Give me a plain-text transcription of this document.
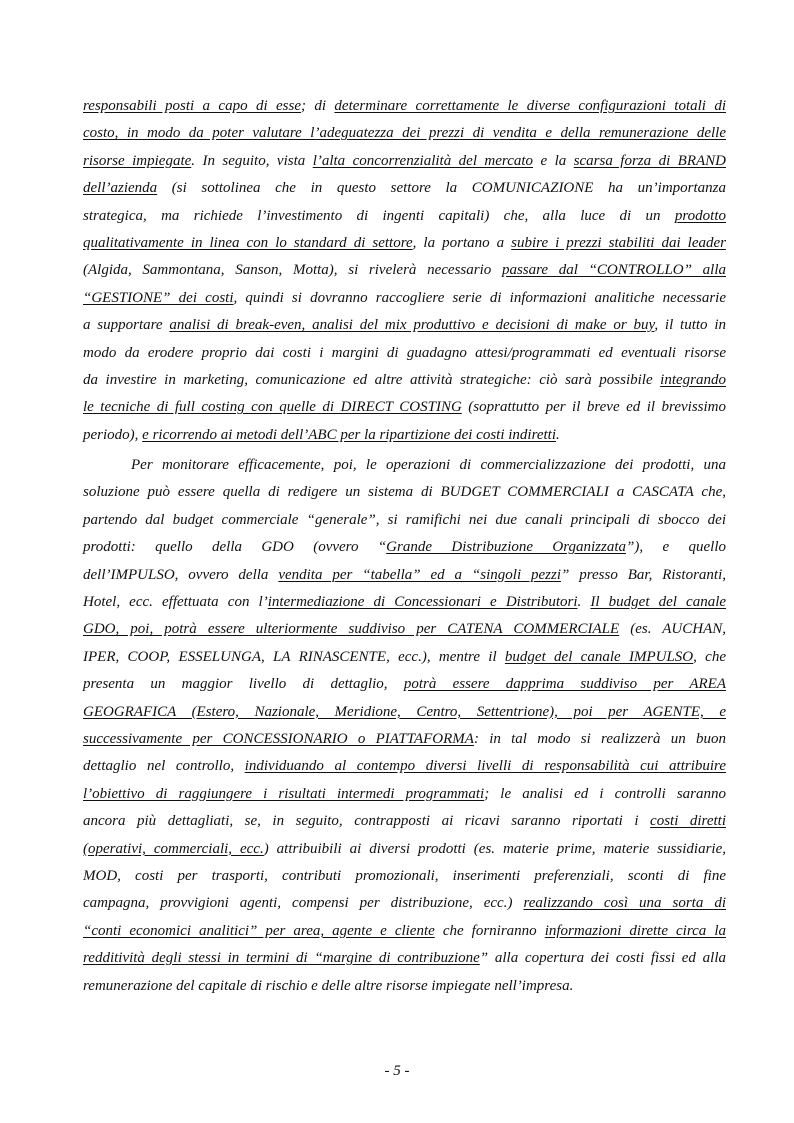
responsabili posti a capo di esse; di determinare correttamente le diverse configurazioni totali di
costo, in modo da poter valutare l’adeguatezza dei prezzi di vendita e della remunerazione delle
risorse impiegate. In seguito, vista l’alta concorrenzialità del mercato e la scarsa forza di BRAND
dell’azienda (si sottolinea che in questo settore la COMUNICAZIONE ha un’importanza
strategica, ma richiede l’investimento di ingenti capitali) che, alla luce di un prodotto
qualitativamente in linea con lo standard di settore, la portano a subire i prezzi stabiliti dai leader
(Algida, Sammontana, Sanson, Motta), si rivelerà necessario passare dal “CONTROLLO” alla
“GESTIONE” dei costi, quindi si dovranno raccogliere serie di informazioni analitiche necessarie
a supportare analisi di break-even, analisi del mix produttivo e decisioni di make or buy, il tutto in
modo da erodere proprio dai costi i margini di guadagno attesi/programmati ed eventuali risorse
da investire in marketing, comunicazione ed altre attività strategiche: ciò sarà possibile integrando
le tecniche di full costing con quelle di DIRECT COSTING (soprattutto per il breve ed il brevissimo
periodo), e ricorrendo ai metodi dell’ABC per la ripartizione dei costi indiretti.
Per monitorare efficacemente, poi, le operazioni di commercializzazione dei prodotti, una
soluzione può essere quella di redigere un sistema di BUDGET COMMERCIALI a CASCATA che,
partendo dal budget commerciale “generale”, si ramifichi nei due canali principali di sbocco dei
prodotti: quello della GDO (ovvero “Grande Distribuzione Organizzata”), e quello
dell’IMPULSO, ovvero della vendita per “tabella” ed a “singoli pezzi” presso Bar, Ristoranti,
Hotel, ecc. effettuata con l’intermediazione di Concessionari e Distributori. Il budget del canale
GDO, poi, potrà essere ulteriormente suddiviso per CATENA COMMERCIALE (es. AUCHAN,
IPER, COOP, ESSELUNGA, LA RINASCENTE, ecc.), mentre il budget del canale IMPULSO, che
presenta un maggior livello di dettaglio, potrà essere dapprima suddiviso per AREA
GEOGRAFICA (Estero, Nazionale, Meridione, Centro, Settentrione), poi per AGENTE, e
successivamente per CONCESSIONARIO o PIATTAFORMA: in tal modo si realizzerà un buon
dettaglio nel controllo, individuando al contempo diversi livelli di responsabilità cui attribuire
l’obiettivo di raggiungere i risultati intermedi programmati; le analisi ed i controlli saranno
ancora più dettagliati, se, in seguito, contrapposti ai ricavi saranno riportati i costi diretti
(operativi, commerciali, ecc.) attribuibili ai diversi prodotti (es. materie prime, materie sussidiarie,
MOD, costi per trasporti, contributi promozionali, inserimenti preferenziali, sconti di fine
campagna, provvigioni agenti, compensi per distribuzione, ecc.) realizzando così una sorta di
“conti economici analitici” per area, agente e cliente che forniranno informazioni dirette circa la
redditività degli stessi in termini di “margine di contribuzione” alla copertura dei costi fissi ed alla
remunerazione del capitale di rischio e delle altre risorse impiegate nell’impresa.
- 5 -
